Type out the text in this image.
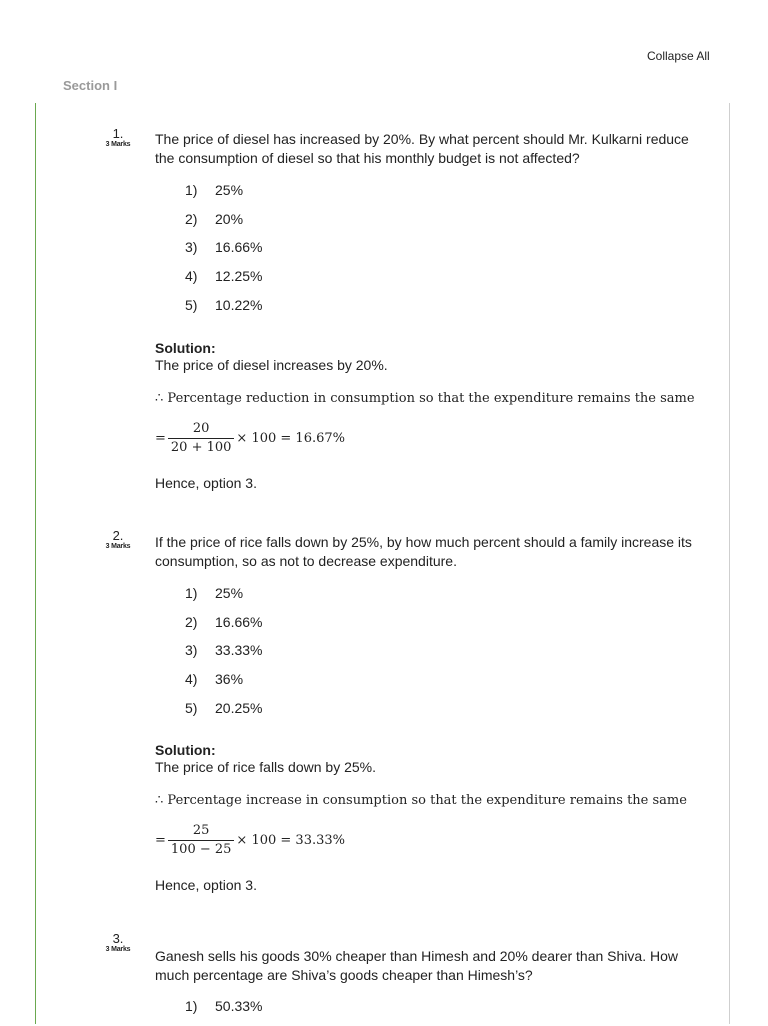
Collapse All
Section I
1.
3 Marks	The price of diesel has increased by 20%. By what percent should Mr. Kulkarni reduce the consumption of diesel so that his monthly budget is not affected?
1) 25%
2) 20%
3) 16.66%
4) 12.25%
5) 10.22%
Solution:
The price of diesel increases by 20%.
∴ Percentage reduction in consumption so that the expenditure remains the same
= $\frac{20}{20 + 100} \times 100 = 16.67\%$
Hence, option 3.
2.
3 Marks	If the price of rice falls down by 25%, by how much percent should a family increase its consumption, so as not to decrease expenditure.
1) 25%
2) 16.66%
3) 33.33%
4) 36%
5) 20.25%
Solution:
The price of rice falls down by 25%.
∴ Percentage increase in consumption so that the expenditure remains the same
= $\frac{25}{100 - 25} \times 100 = 33.33\%$
Hence, option 3.
3.
3 Marks	Ganesh sells his goods 30% cheaper than Himesh and 20% dearer than Shiva. How much percentage are Shiva’s goods cheaper than Himesh’s?
1) 50.33%
